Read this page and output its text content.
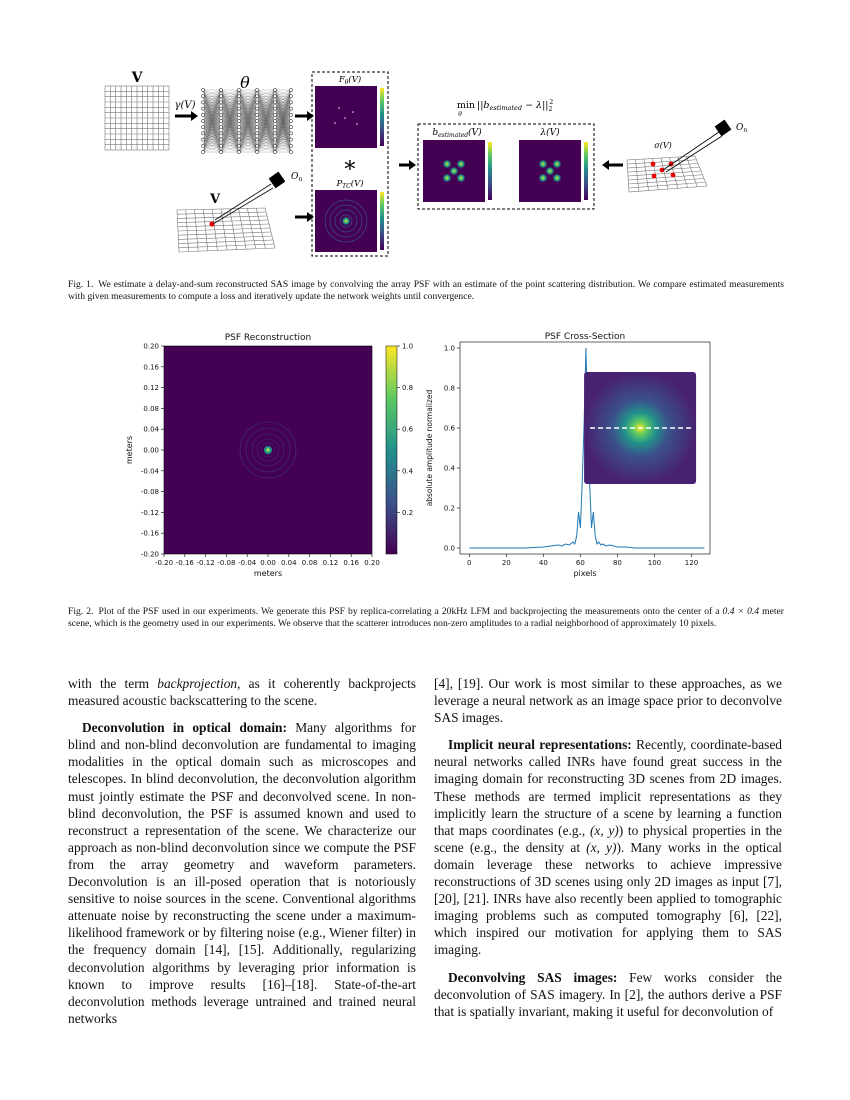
V
γ(V)
θ	$F_\theta(V)$
∗
$P_{TC}(V)$
V
$O_n$
$\min ||b_{estimated} - \lambda||_22$
θ
$b_{estimated}(V)$	λ(V)
σ(V)
$O_n$
Fig. 1. We estimate a delay-and-sum reconstructed SAS image by convolving the array PSF with an estimate of the point scattering distribution. We compare estimated measurements with given measurements to compute a loss and iteratively update the network weights until convergence.
PSF Reconstruction
-0.20 -0.16 -0.12 -0.08 -0.04 0.00 0.04 0.08 0.12 0.16 0.20
0.20
0.16
0.12
0.08
0.04
0.00
-0.04
-0.08
-0.12
-0.16
-0.20
meters
meters
1.0
0.8
0.6
0.4
0.2
PSF Cross-Section
0	20	40	60	80	100	120
1.0
0.8
0.6
0.4
0.2
0.0
pixels
absolute amplitude normalized
Fig. 2. Plot of the PSF used in our experiments. We generate this PSF by replica-correlating a 20kHz LFM and backprojecting the measurements onto the center of a 0.4 × 0.4 meter scene, which is the geometry used in our experiments. We observe that the scatterer introduces non-zero amplitudes to a radial neighborhood of approximately 10 pixels.

with the term backprojection, as it coherently backprojects measured acoustic backscattering to the scene.

Deconvolution in optical domain: Many algorithms for blind and non-blind deconvolution are fundamental to imaging modalities in the optical domain such as microscopes and telescopes. In blind deconvolution, the deconvolution algorithm must jointly estimate the PSF and deconvolved scene. In non-blind deconvolution, the PSF is assumed known and used to reconstruct a representation of the scene. We characterize our approach as non-blind deconvolution since we compute the PSF from the array geometry and waveform parameters. Deconvolution is an ill-posed operation that is notoriously sensitive to noise sources in the scene. Conventional algorithms attenuate noise by reconstructing the scene under a maximum-likelihood framework or by filtering noise (e.g., Wiener filter) in the frequency domain [14], [15]. Additionally, regularizing deconvolution algorithms by leveraging prior information is known to improve results [16]–[18]. State-of-the-art deconvolution methods leverage untrained and trained neural networks

[4], [19]. Our work is most similar to these approaches, as we leverage a neural network as an image space prior to deconvolve SAS images.

Implicit neural representations: Recently, coordinate-based neural networks called INRs have found great success in the imaging domain for reconstructing 3D scenes from 2D images. These methods are termed implicit representations as they implicitly learn the structure of a scene by learning a function that maps coordinates (e.g., (x, y)) to physical properties in the scene (e.g., the density at (x, y)). Many works in the optical domain leverage these networks to achieve impressive reconstructions of 3D scenes using only 2D images as input [7], [20], [21]. INRs have also recently been applied to tomographic imaging problems such as computed tomography [6], [22], which inspired our motivation for applying them to SAS imaging.

Deconvolving SAS images: Few works consider the deconvolution of SAS imagery. In [2], the authors derive a PSF that is spatially invariant, making it useful for deconvolution of
